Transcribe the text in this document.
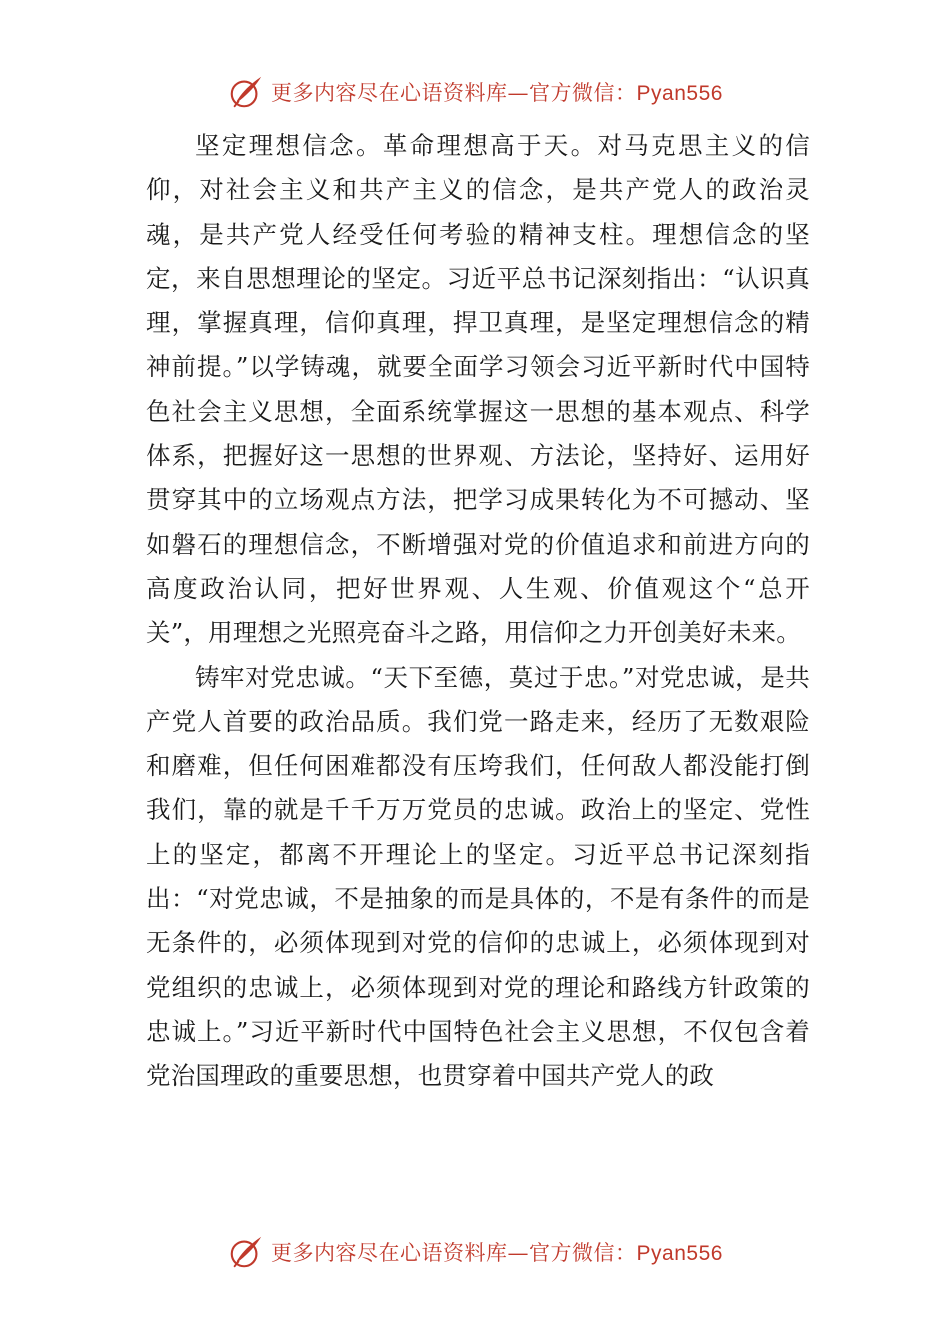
更多内容尽在心语资料库—官方微信：Pyan556

坚定理想信念。革命理想高于天。对马克思主义的信仰，对社会主义和共产主义的信念，是共产党人的政治灵魂，是共产党人经受任何考验的精神支柱。理想信念的坚定，来自思想理论的坚定。习近平总书记深刻指出：“认识真理，掌握真理，信仰真理，捍卫真理，是坚定理想信念的精神前提。”以学铸魂，就要全面学习领会习近平新时代中国特色社会主义思想，全面系统掌握这一思想的基本观点、科学体系，把握好这一思想的世界观、方法论，坚持好、运用好贯穿其中的立场观点方法，把学习成果转化为不可撼动、坚如磐石的理想信念，不断增强对党的价值追求和前进方向的高度政治认同，把好世界观、人生观、价值观这个“总开关”，用理想之光照亮奋斗之路，用信仰之力开创美好未来。

铸牢对党忠诚。“天下至德，莫过于忠。”对党忠诚，是共产党人首要的政治品质。我们党一路走来，经历了无数艰险和磨难，但任何困难都没有压垮我们，任何敌人都没能打倒我们，靠的就是千千万万党员的忠诚。政治上的坚定、党性上的坚定，都离不开理论上的坚定。习近平总书记深刻指出：“对党忠诚，不是抽象的而是具体的，不是有条件的而是无条件的，必须体现到对党的信仰的忠诚上，必须体现到对党组织的忠诚上，必须体现到对党的理论和路线方针政策的忠诚上。”习近平新时代中国特色社会主义思想，不仅包含着党治国理政的重要思想，也贯穿着中国共产党人的政

更多内容尽在心语资料库—官方微信：Pyan556
